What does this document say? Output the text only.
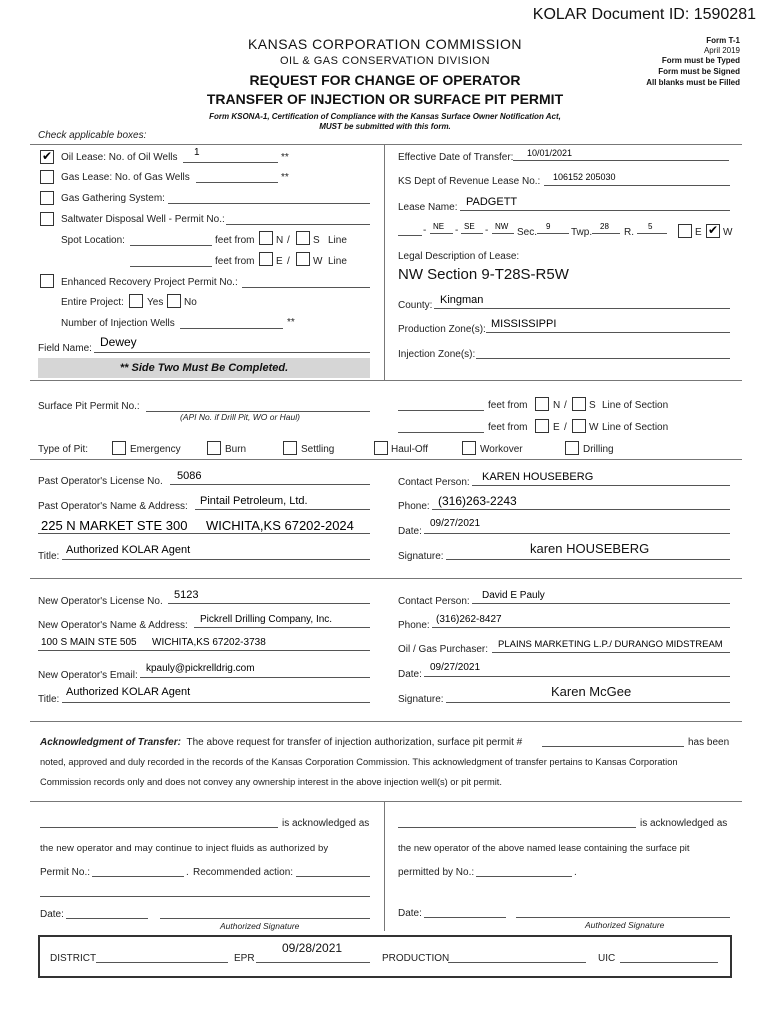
KOLAR Document ID: 1590281
KANSAS CORPORATION COMMISSION
OIL & GAS CONSERVATION DIVISION
REQUEST FOR CHANGE OF OPERATOR
TRANSFER OF INJECTION OR SURFACE PIT PERMIT
Form KSONA-1, Certification of Compliance with the Kansas Surface Owner Notification Act,
MUST be submitted with this form.
Form T-1
April 2019
Form must be Typed
Form must be Signed
All blanks must be Filled
Check applicable boxes:
✔
Oil Lease: No. of Oil Wells 1	**
Gas Lease: No. of Gas Wells	**
Gas Gathering System:
Saltwater Disposal Well - Permit No.:
Spot Location:	feet from N / S Line
feet from E / W Line
Enhanced Recovery Project Permit No.:
Entire Project: Yes No
Number of Injection Wells	**
Field Name: Dewey
** Side Two Must Be Completed.
Effective Date of Transfer: 10/01/2021
KS Dept of Revenue Lease No.: 106152 205030
Lease Name: PADGETT
- NE - SE - NW
Sec.
9
Twp.
28
R.
5
E
✔ W
Legal Description of Lease:
NW Section 9-T28S-R5W
County: Kingman
Production Zone(s): MISSISSIPPI
Injection Zone(s):
Surface Pit Permit No.:
(API No. if Drill Pit, WO or Haul)
feet from	N / S Line of Section
feet from	E / W Line of Section
Type of Pit:	Emergency	Burn	Settling	Haul-Off	Workover	Drilling
Past Operator's License No. 5086
Past Operator's Name & Address: Pintail Petroleum, Ltd.
225 N MARKET STE 300 WICHITA,KS 67202-2024
Title:
Authorized KOLAR Agent
Contact Person: KAREN HOUSEBERG
Phone: (316)263-2243
Date:
09/27/2021
Signature:
karen HOUSEBERG
New Operator's License No.
5123
New Operator's Name & Address:
Pickrell Drilling Company, Inc.
100 S MAIN STE 505 WICHITA,KS 67202-3738
New Operator's Email:
kpauly@pickrelldrig.com
Title:
Authorized KOLAR Agent
Contact Person:
David E Pauly
Phone:
(316)262-8427
Oil / Gas Purchaser: PLAINS MARKETING L.P./ DURANGO MIDSTREAM
Date:
09/27/2021
Signature:
Karen McGee
Acknowledgment of Transfer: The above request for transfer of injection authorization, surface pit permit #	has been
noted, approved and duly recorded in the records of the Kansas Corporation Commission. This acknowledgment of transfer pertains to Kansas Corporation
Commission records only and does not convey any ownership interest in the above injection well(s) or pit permit.
is acknowledged as
the new operator and may continue to inject fluids as authorized by
Permit No.:	. Recommended action:
Date:
Authorized Signature
is acknowledged as
the new operator of the above named lease containing the surface pit
permitted by No.:	.
Date:
Authorized Signature
DISTRICT	EPR
09/28/2021
PRODUCTION	UIC
